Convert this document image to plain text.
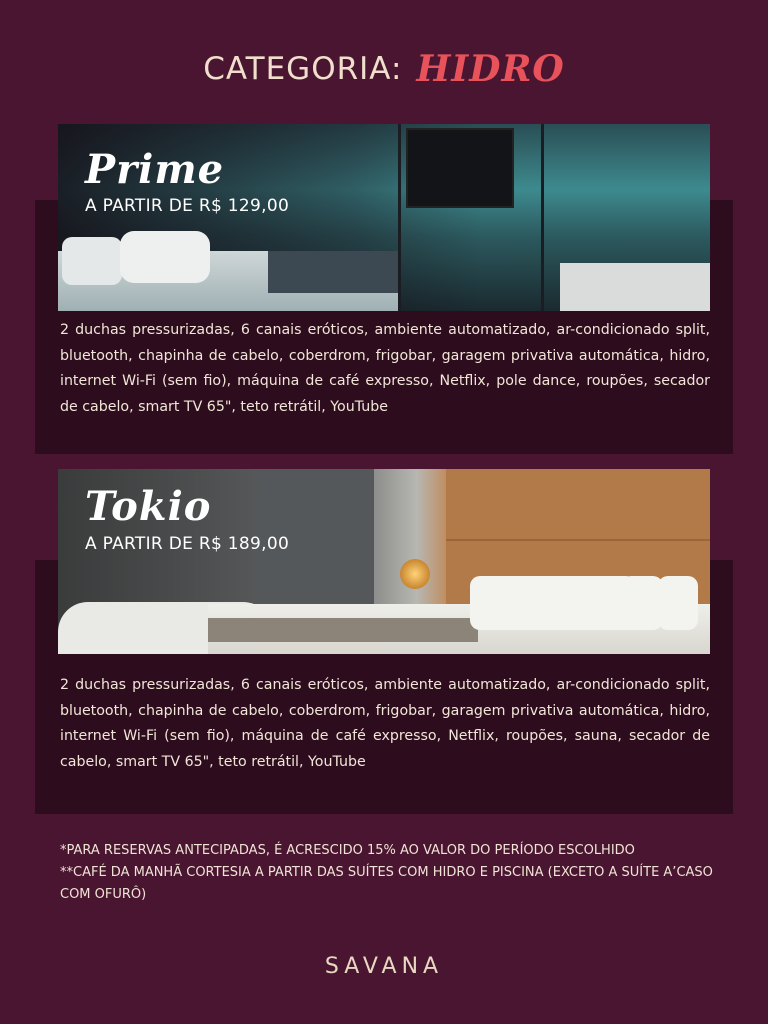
CATEGORIA: HIDRO
Prime
A PARTIR DE R$ 129,00
2 duchas pressurizadas, 6 canais eróticos, ambiente automatizado, ar-condicionado split, bluetooth, chapinha de cabelo, coberdrom, frigobar, garagem privativa automática, hidro, internet Wi-Fi (sem fio), máquina de café expresso, Netflix, pole dance, roupões, secador de cabelo, smart TV 65", teto retrátil, YouTube
Tokio
A PARTIR DE R$ 189,00
2 duchas pressurizadas, 6 canais eróticos, ambiente automatizado, ar-condicionado split, bluetooth, chapinha de cabelo, coberdrom, frigobar, garagem privativa automática, hidro, internet Wi-Fi (sem fio), máquina de café expresso, Netflix, roupões, sauna, secador de cabelo, smart TV 65", teto retrátil, YouTube
*PARA RESERVAS ANTECIPADAS, É ACRESCIDO 15% AO VALOR DO PERÍODO ESCOLHIDO
**CAFÉ DA MANHÃ CORTESIA A PARTIR DAS SUÍTES COM HIDRO E PISCINA (EXCETO A SUÍTE A’CASO COM OFURÔ)
SAVANA
